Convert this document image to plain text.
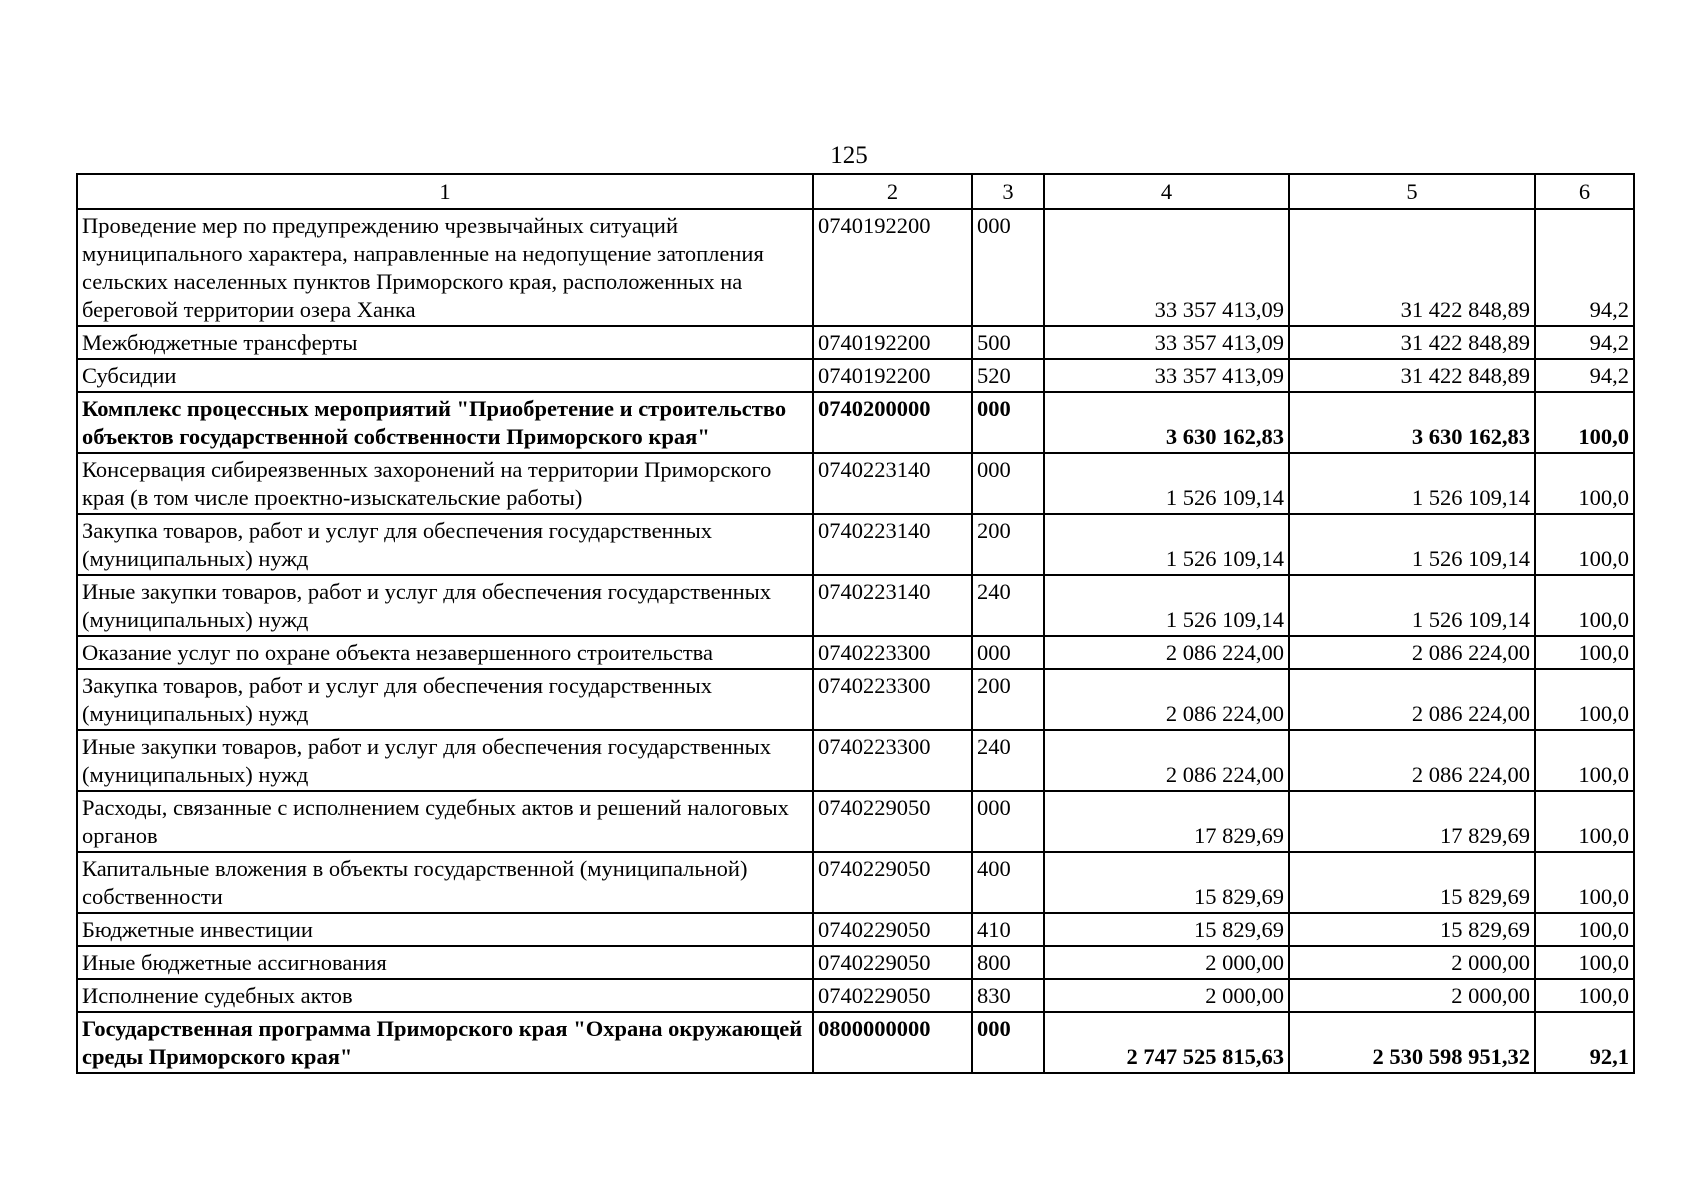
125
1	2	3	4	5	6
Проведение мер по предупреждению чрезвычайных ситуаций муниципального характера, направленные на недопущение затопления сельских населенных пунктов Приморского края, расположенных на береговой территории озера Ханка	0740192200	000	33 357 413,09	31 422 848,89	94,2
Межбюджетные трансферты	0740192200	500	33 357 413,09	31 422 848,89	94,2
Субсидии	0740192200	520	33 357 413,09	31 422 848,89	94,2
Комплекс процессных мероприятий "Приобретение и строительство объектов государственной собственности Приморского края"	0740200000	000	3 630 162,83	3 630 162,83	100,0
Консервация сибиреязвенных захоронений на территории Приморского края (в том числе проектно-изыскательские работы)	0740223140	000	1 526 109,14	1 526 109,14	100,0
Закупка товаров, работ и услуг для обеспечения государственных (муниципальных) нужд	0740223140	200	1 526 109,14	1 526 109,14	100,0
Иные закупки товаров, работ и услуг для обеспечения государственных (муниципальных) нужд	0740223140	240	1 526 109,14	1 526 109,14	100,0
Оказание услуг по охране объекта незавершенного строительства	0740223300	000	2 086 224,00	2 086 224,00	100,0
Закупка товаров, работ и услуг для обеспечения государственных (муниципальных) нужд	0740223300	200	2 086 224,00	2 086 224,00	100,0
Иные закупки товаров, работ и услуг для обеспечения государственных (муниципальных) нужд	0740223300	240	2 086 224,00	2 086 224,00	100,0
Расходы, связанные с исполнением судебных актов и решений налоговых органов	0740229050	000	17 829,69	17 829,69	100,0
Капитальные вложения в объекты государственной (муниципальной) собственности	0740229050	400	15 829,69	15 829,69	100,0
Бюджетные инвестиции	0740229050	410	15 829,69	15 829,69	100,0
Иные бюджетные ассигнования	0740229050	800	2 000,00	2 000,00	100,0
Исполнение судебных актов	0740229050	830	2 000,00	2 000,00	100,0
Государственная программа Приморского края "Охрана окружающей среды Приморского края"	0800000000	000	2 747 525 815,63	2 530 598 951,32	92,1
